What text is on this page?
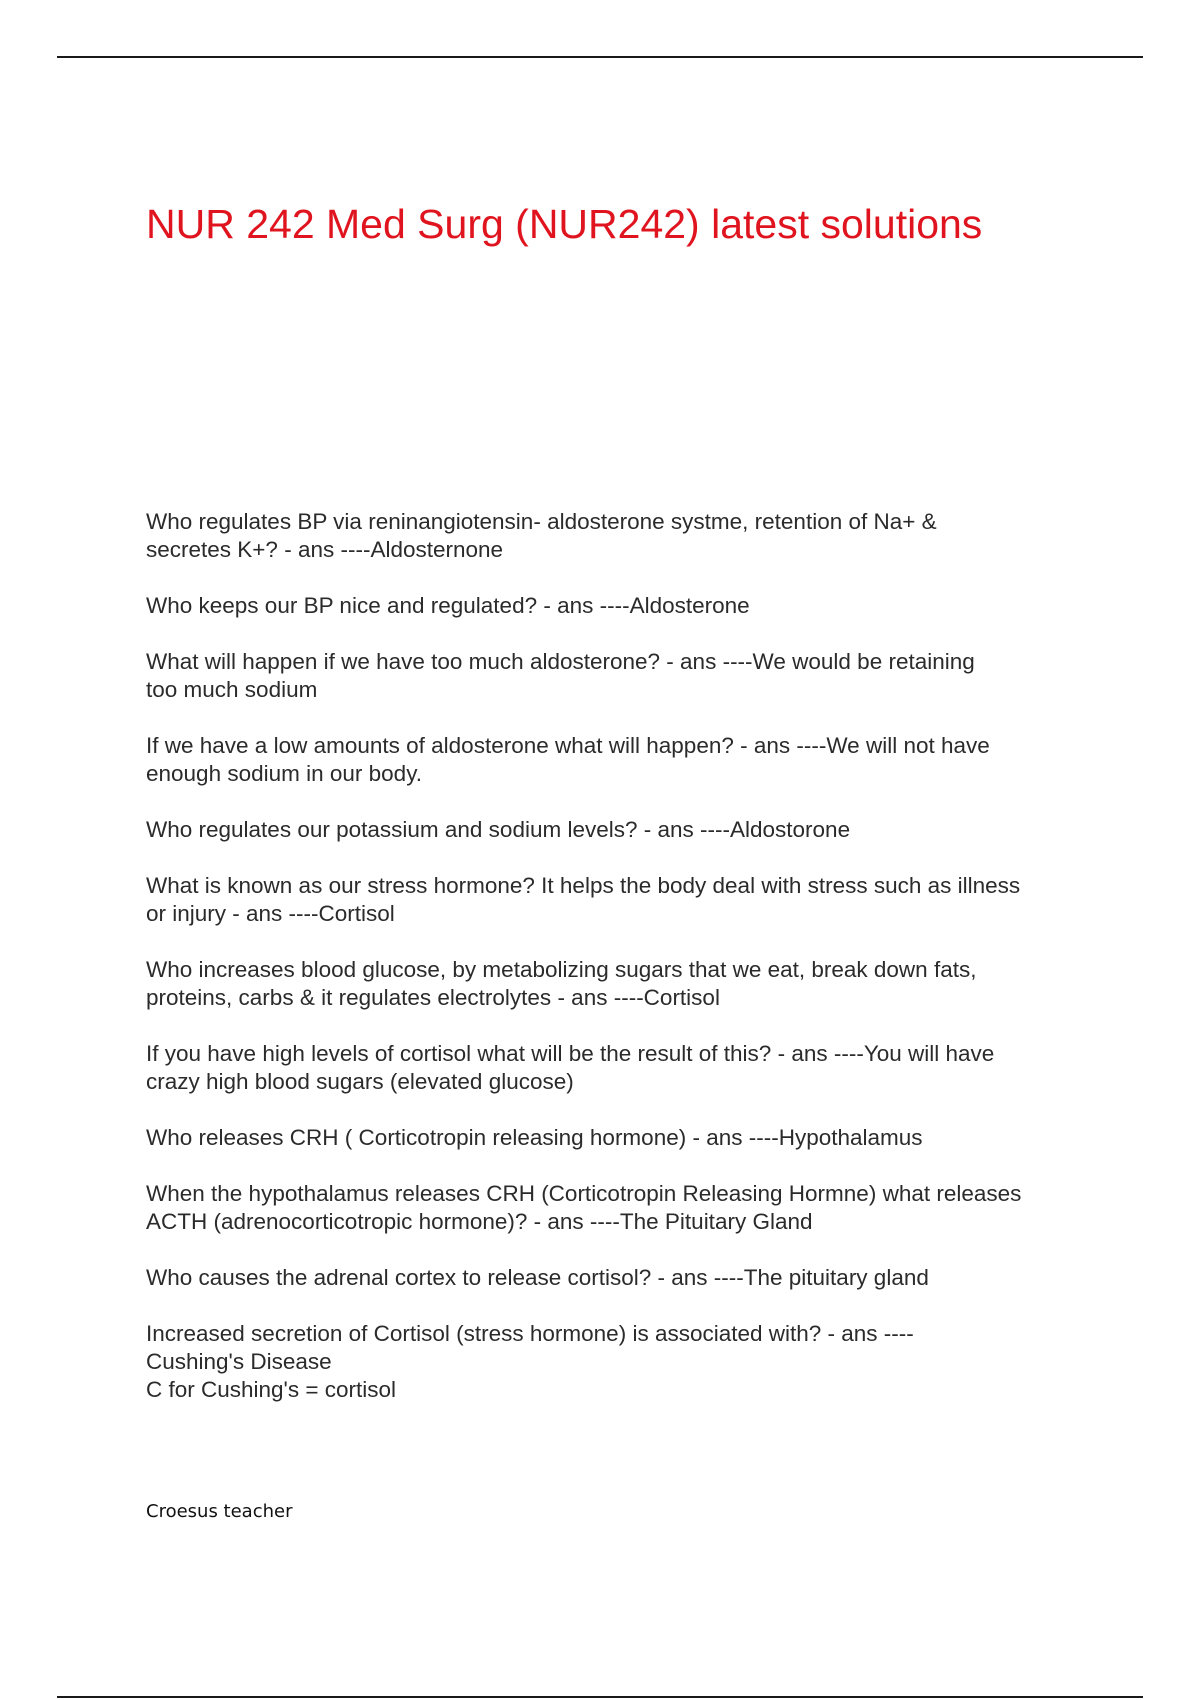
NUR 242 Med Surg (NUR242) latest solutions

Who regulates BP via reninangiotensin- aldosterone systme, retention of Na+ &
secretes K+? - ans ----Aldosternone

Who keeps our BP nice and regulated? - ans ----Aldosterone

What will happen if we have too much aldosterone? - ans ----We would be retaining
too much sodium

If we have a low amounts of aldosterone what will happen? - ans ----We will not have
enough sodium in our body.

Who regulates our potassium and sodium levels? - ans ----Aldostorone

What is known as our stress hormone? It helps the body deal with stress such as illness
or injury - ans ----Cortisol

Who increases blood glucose, by metabolizing sugars that we eat, break down fats,
proteins, carbs & it regulates electrolytes - ans ----Cortisol

If you have high levels of cortisol what will be the result of this? - ans ----You will have
crazy high blood sugars (elevated glucose)

Who releases CRH ( Corticotropin releasing hormone) - ans ----Hypothalamus

When the hypothalamus releases CRH (Corticotropin Releasing Hormne) what releases
ACTH (adrenocorticotropic hormone)? - ans ----The Pituitary Gland

Who causes the adrenal cortex to release cortisol? - ans ----The pituitary gland

Increased secretion of Cortisol (stress hormone) is associated with? - ans ----
Cushing's Disease
C for Cushing's = cortisol

Croesus teacher
